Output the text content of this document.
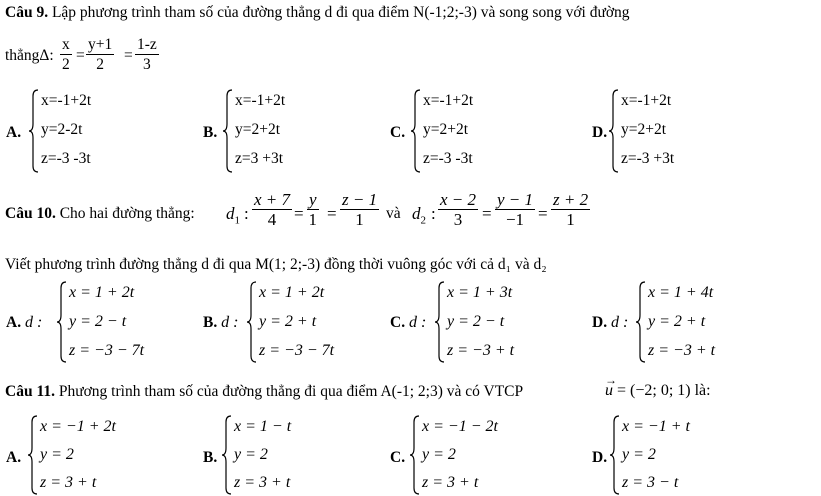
Câu 9. Lập phương trình tham số của đường thẳng d đi qua điểm N(-1;2;-3) và song song với đường
thẳngΔ:
x
2
=
y+1
2
=
1-z
3
A.
x=-1+2t
y=2-2t
z=-3 -3t
B.
x=-1+2t
y=2+2t
z=3 +3t
C.
x=-1+2t
y=2+2t
z=-3 -3t
D.
x=-1+2t
y=2+2t
z=-3 +3t
Câu 10. Cho hai đường thẳng: $d_1$ :
x + 7
4 =
y
1 =
z − 1
1 và $d_2$ :
x − 2
3 =
y − 1
−1 =
z + 2
1
Viết phương trình đường thẳng d đi qua M(1; 2;-3) đồng thời vuông góc với cả d₁ và d₂
A. d :
x = 1 + 2t
y = 2 − t
z = −3 − 7t
B. d :
x = 1 + 2t
y = 2 + t
z = −3 − 7t
C. d :
x = 1 + 3t
y = 2 − t
z = −3 + t
D. d :
x = 1 + 4t
y = 2 + t
z = −3 + t
Câu 11. Phương trình tham số của đường thẳng đi qua điểm A(-1; 2;3) và có VTCP
→
u = (−2; 0; 1) là:
A.
x = −1 + 2t
y = 2
z = 3 + t
B.
x = 1 − t
y = 2
z = 3 + t
C.
x = −1 − 2t
y = 2
z = 3 + t
D.
x = −1 + t
y = 2
z = 3 − t
